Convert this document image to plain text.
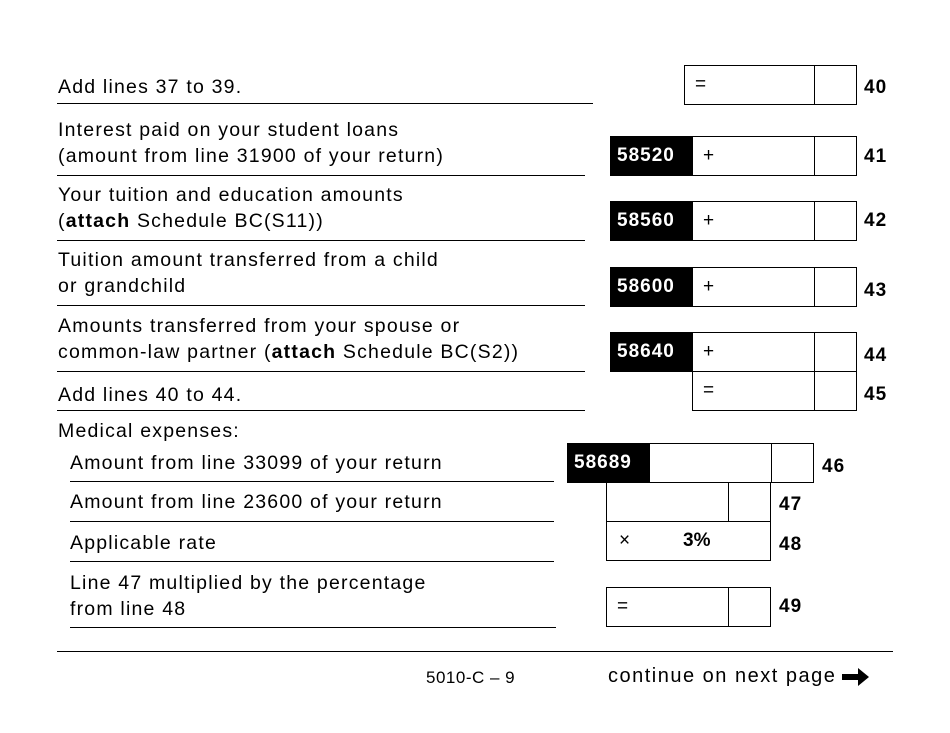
Add lines 37 to 39.	=	40
Interest paid on your student loans
(amount from line 31900 of your return)	58520	+	41
Your tuition and education amounts
(attach Schedule BC(S11))	58560	+	42
Tuition amount transferred from a child
or grandchild	58600	+	43
Amounts transferred from your spouse or
common-law partner (attach Schedule BC(S2))	58640	+	44
Add lines 40 to 44.	=	45
Medical expenses:
Amount from line 33099 of your return	58689	46
Amount from line 23600 of your return	47
Applicable rate	×	3%	48
Line 47 multiplied by the percentage
from line 48	=	49
5010-C – 9	continue on next page
